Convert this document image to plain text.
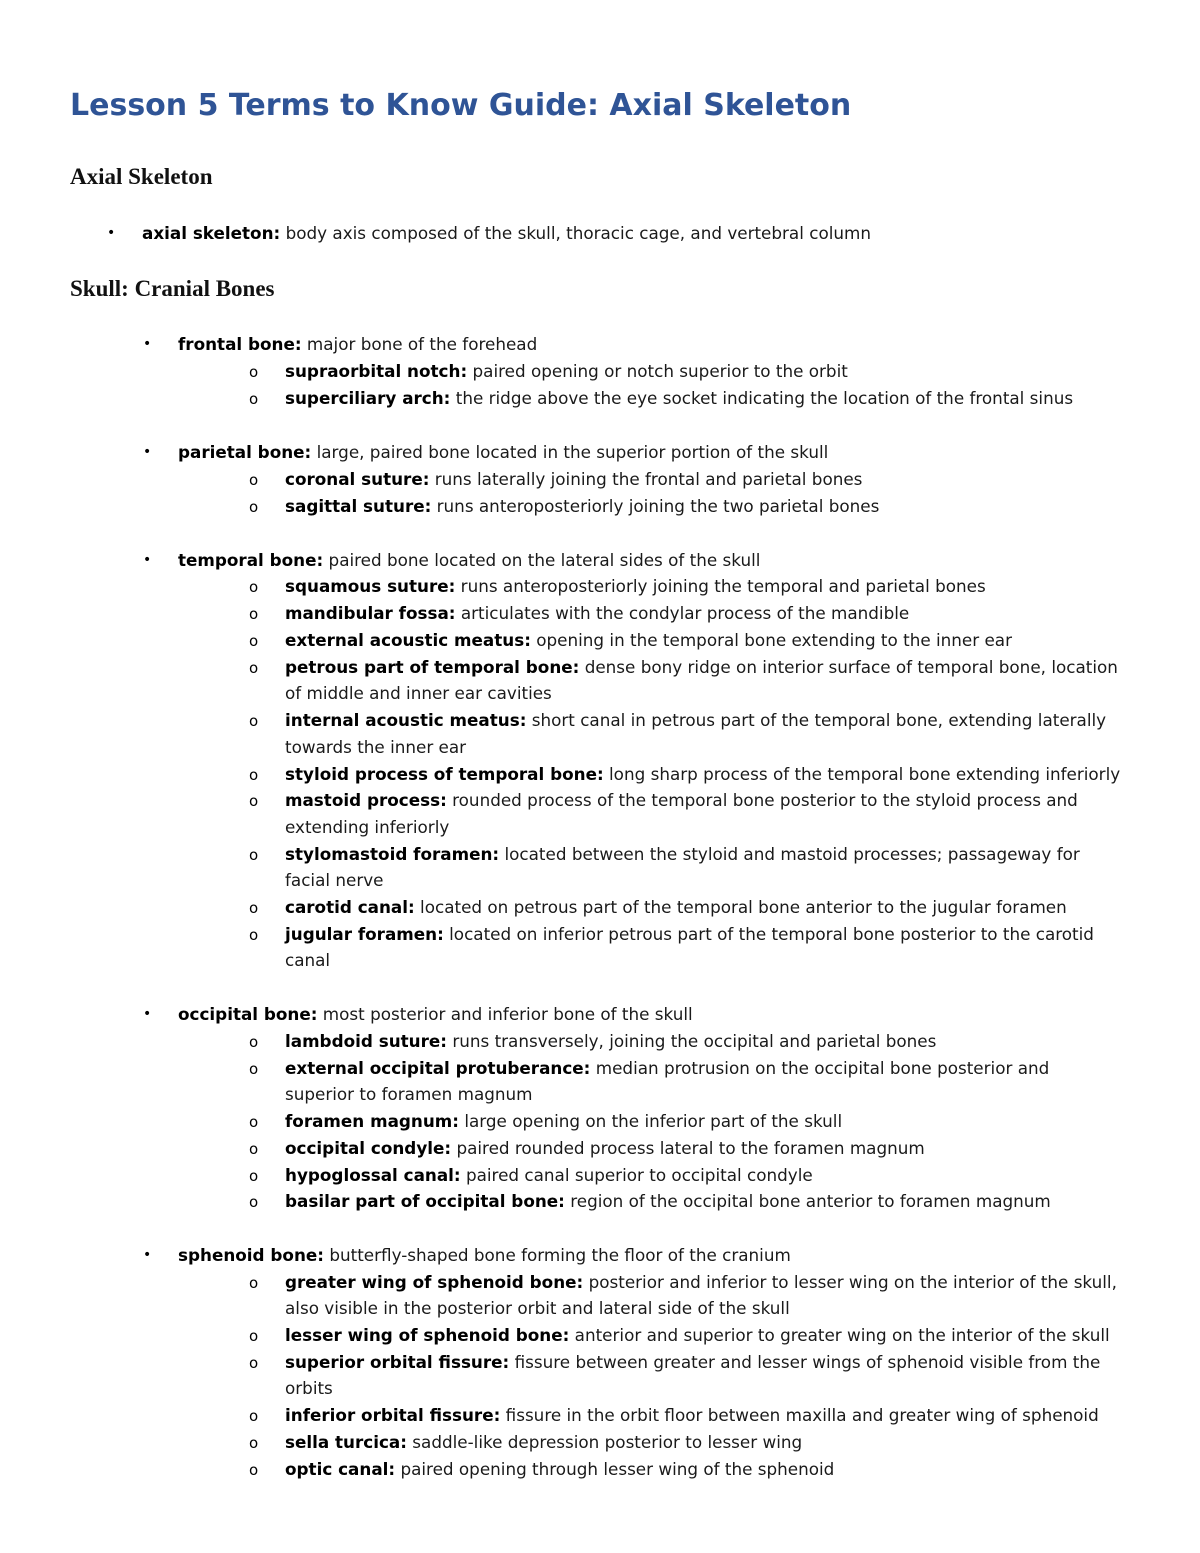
Lesson 5 Terms to Know Guide: Axial Skeleton
Axial Skeleton
• axial skeleton: body axis composed of the skull, thoracic cage, and vertebral column
Skull: Cranial Bones
• frontal bone: major bone of the forehead
o supraorbital notch: paired opening or notch superior to the orbit
o superciliary arch: the ridge above the eye socket indicating the location of the frontal sinus
• parietal bone: large, paired bone located in the superior portion of the skull
o coronal suture: runs laterally joining the frontal and parietal bones
o sagittal suture: runs anteroposteriorly joining the two parietal bones
• temporal bone: paired bone located on the lateral sides of the skull
o squamous suture: runs anteroposteriorly joining the temporal and parietal bones
o mandibular fossa: articulates with the condylar process of the mandible
o external acoustic meatus: opening in the temporal bone extending to the inner ear
o petrous part of temporal bone: dense bony ridge on interior surface of temporal bone, location
of middle and inner ear cavities
o internal acoustic meatus: short canal in petrous part of the temporal bone, extending laterally
towards the inner ear
o styloid process of temporal bone: long sharp process of the temporal bone extending inferiorly
o mastoid process: rounded process of the temporal bone posterior to the styloid process and
extending inferiorly
o stylomastoid foramen: located between the styloid and mastoid processes; passageway for
facial nerve
o carotid canal: located on petrous part of the temporal bone anterior to the jugular foramen
o jugular foramen: located on inferior petrous part of the temporal bone posterior to the carotid
canal
• occipital bone: most posterior and inferior bone of the skull
o lambdoid suture: runs transversely, joining the occipital and parietal bones
o external occipital protuberance: median protrusion on the occipital bone posterior and
superior to foramen magnum
o foramen magnum: large opening on the inferior part of the skull
o occipital condyle: paired rounded process lateral to the foramen magnum
o hypoglossal canal: paired canal superior to occipital condyle
o basilar part of occipital bone: region of the occipital bone anterior to foramen magnum
• sphenoid bone: butterfly-shaped bone forming the floor of the cranium
o greater wing of sphenoid bone: posterior and inferior to lesser wing on the interior of the skull,
also visible in the posterior orbit and lateral side of the skull
o lesser wing of sphenoid bone: anterior and superior to greater wing on the interior of the skull
o superior orbital fissure: fissure between greater and lesser wings of sphenoid visible from the
orbits
o inferior orbital fissure: fissure in the orbit floor between maxilla and greater wing of sphenoid
o sella turcica: saddle-like depression posterior to lesser wing
o optic canal: paired opening through lesser wing of the sphenoid
